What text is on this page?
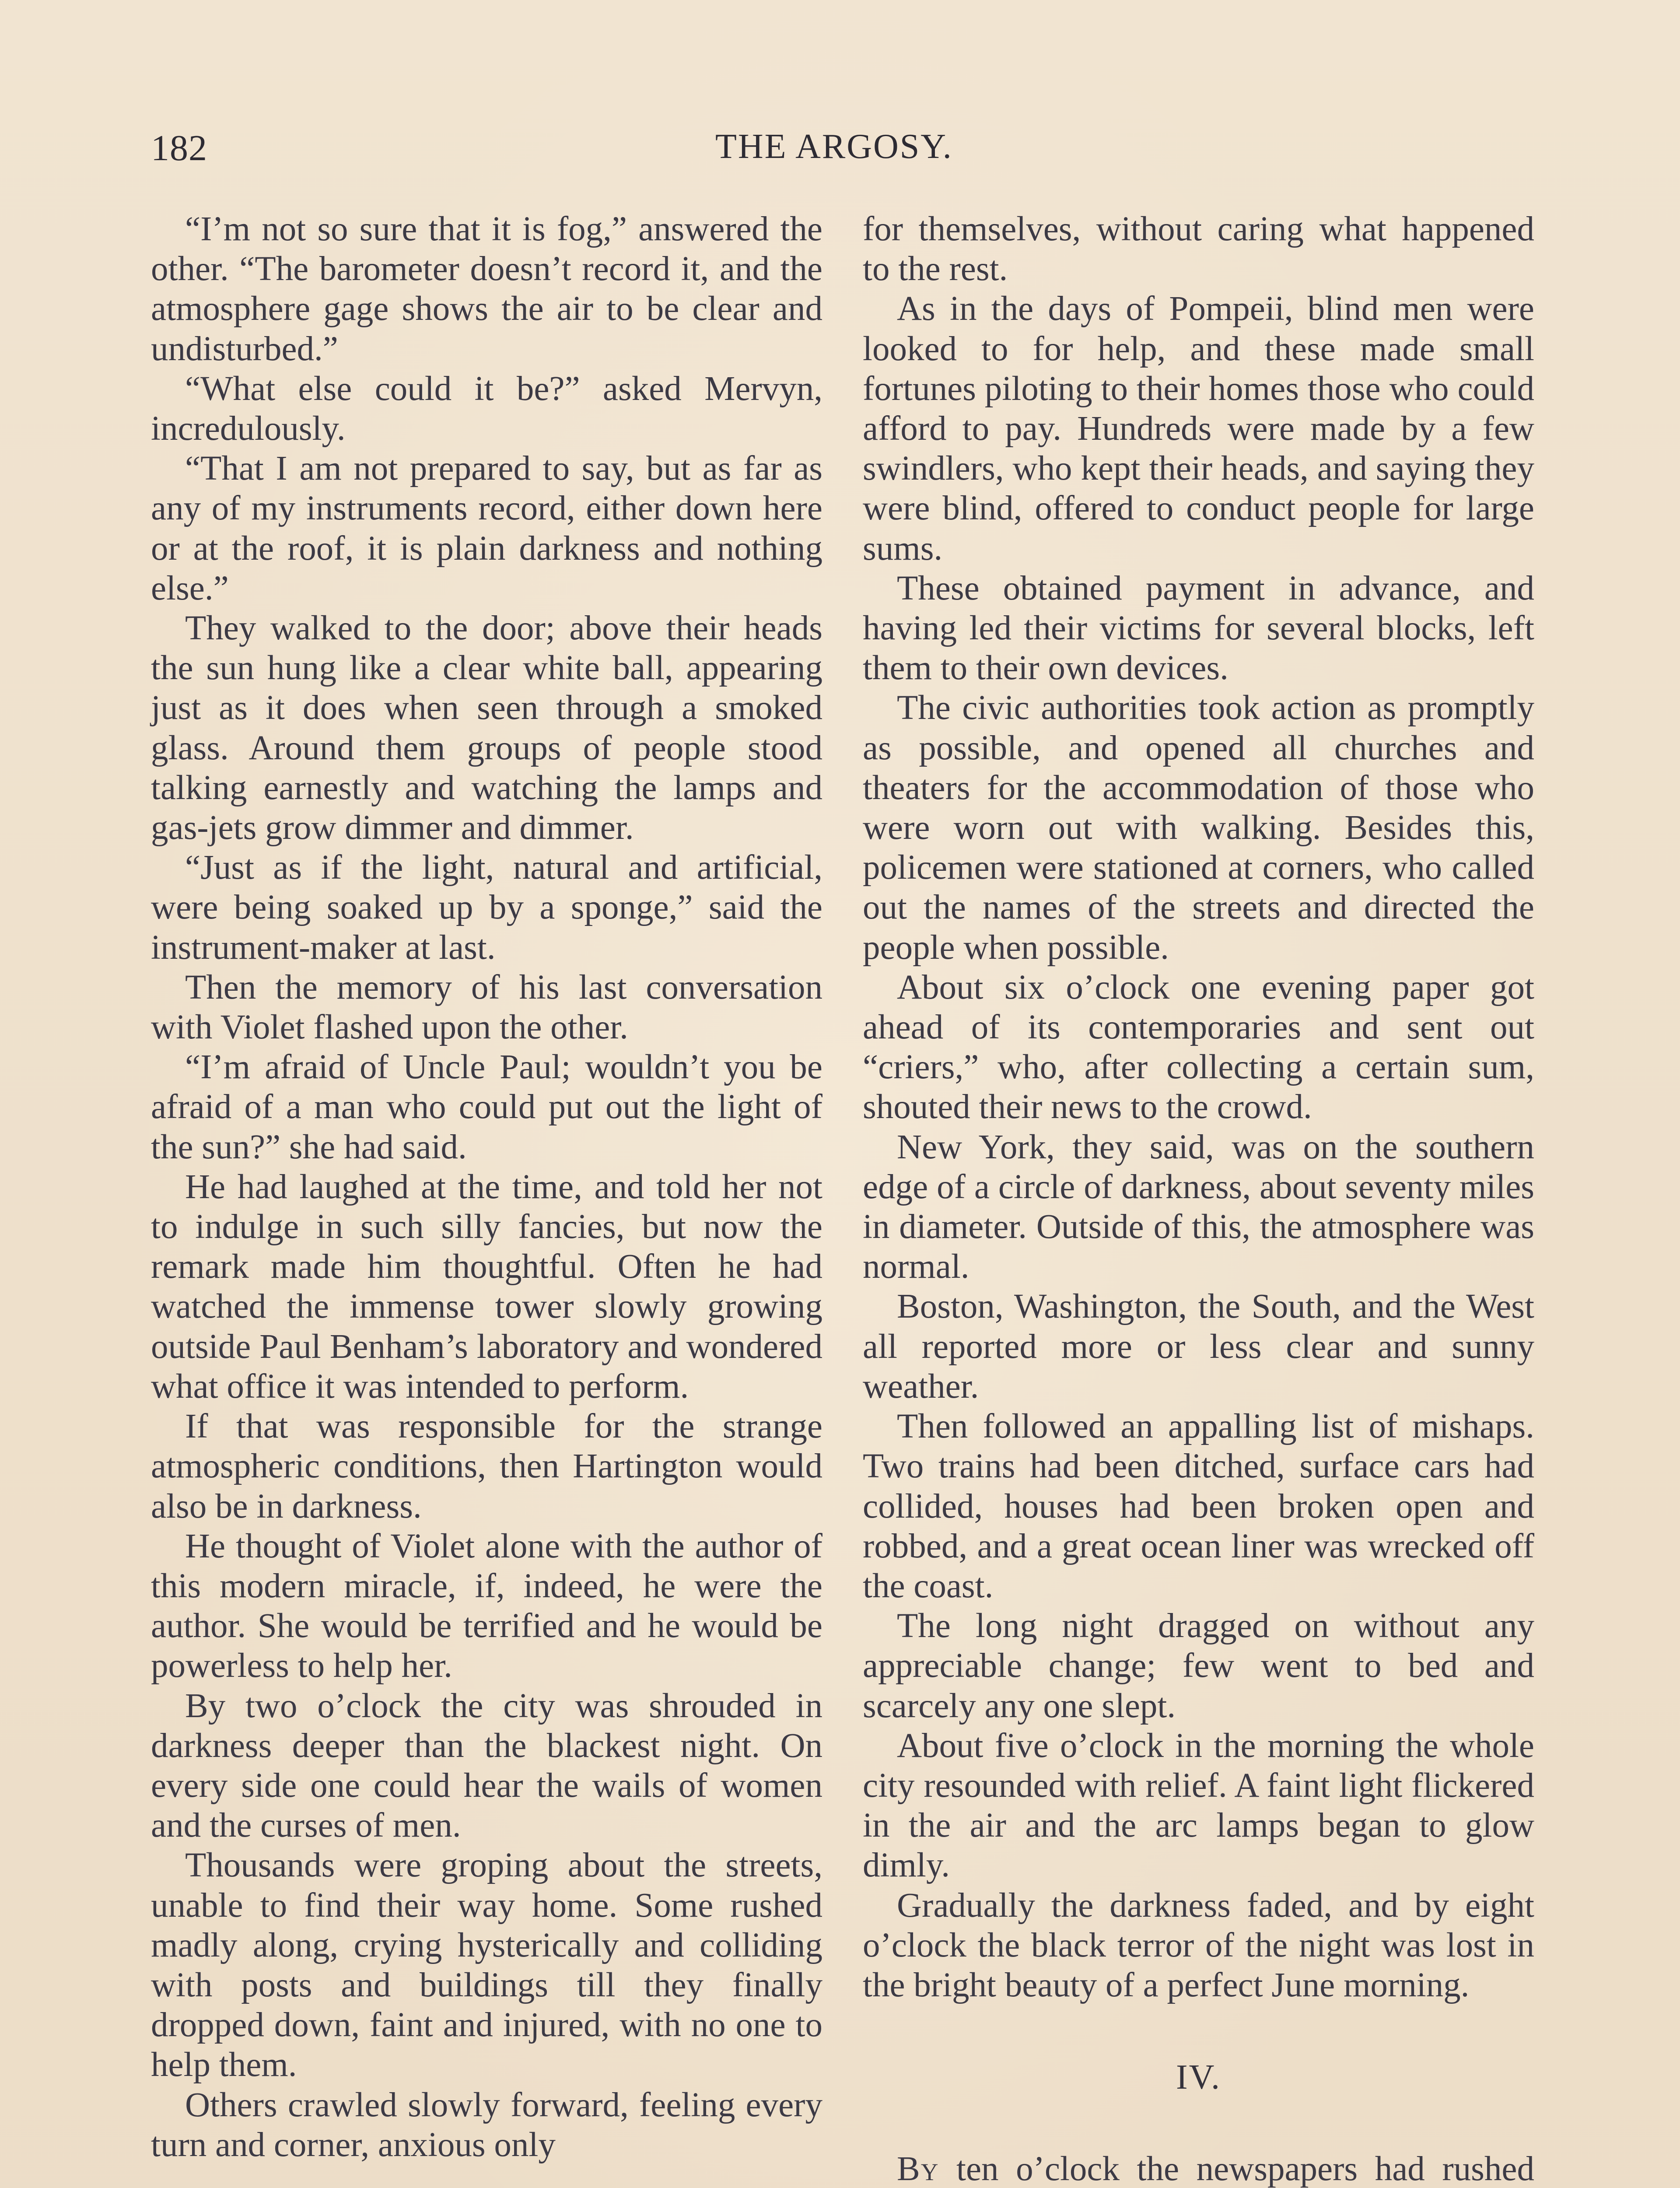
182	THE ARGOSY.

“I’m not so sure that it is fog,” answered the other. “The barometer doesn’t record it, and the atmosphere gage shows the air to be clear and undisturbed.”

“What else could it be?” asked Mervyn, incredulously.

“That I am not prepared to say, but as far as any of my instruments record, either down here or at the roof, it is plain darkness and nothing else.”

They walked to the door; above their heads the sun hung like a clear white ball, appearing just as it does when seen through a smoked glass. Around them groups of people stood talking earnestly and watching the lamps and gas-jets grow dimmer and dimmer.

“Just as if the light, natural and artificial, were being soaked up by a sponge,” said the instrument-maker at last.

Then the memory of his last conversation with Violet flashed upon the other.

“I’m afraid of Uncle Paul; wouldn’t you be afraid of a man who could put out the light of the sun?” she had said.

He had laughed at the time, and told her not to indulge in such silly fancies, but now the remark made him thoughtful. Often he had watched the immense tower slowly growing outside Paul Benham’s laboratory and wondered what office it was intended to perform.

If that was responsible for the strange atmospheric conditions, then Hartington would also be in darkness.

He thought of Violet alone with the author of this modern miracle, if, indeed, he were the author. She would be terrified and he would be powerless to help her.

By two o’clock the city was shrouded in darkness deeper than the blackest night. On every side one could hear the wails of women and the curses of men.

Thousands were groping about the streets, unable to find their way home. Some rushed madly along, crying hysterically and colliding with posts and buildings till they finally dropped down, faint and injured, with no one to help them.

Others crawled slowly forward, feeling every turn and corner, anxious only

for themselves, without caring what happened to the rest.

As in the days of Pompeii, blind men were looked to for help, and these made small fortunes piloting to their homes those who could afford to pay. Hundreds were made by a few swindlers, who kept their heads, and saying they were blind, offered to conduct people for large sums.

These obtained payment in advance, and having led their victims for several blocks, left them to their own devices.

The civic authorities took action as promptly as possible, and opened all churches and theaters for the accommodation of those who were worn out with walking. Besides this, policemen were stationed at corners, who called out the names of the streets and directed the people when possible.

About six o’clock one evening paper got ahead of its contemporaries and sent out “criers,” who, after collecting a certain sum, shouted their news to the crowd.

New York, they said, was on the southern edge of a circle of darkness, about seventy miles in diameter. Outside of this, the atmosphere was normal.

Boston, Washington, the South, and the West all reported more or less clear and sunny weather.

Then followed an appalling list of mishaps. Two trains had been ditched, surface cars had collided, houses had been broken open and robbed, and a great ocean liner was wrecked off the coast.

The long night dragged on without any appreciable change; few went to bed and scarcely any one slept.

About five o’clock in the morning the whole city resounded with relief. A faint light flickered in the air and the arc lamps began to glow dimly.

Gradually the darkness faded, and by eight o’clock the black terror of the night was lost in the bright beauty of a perfect June morning.

IV.

By ten o’clock the newspapers had rushed
